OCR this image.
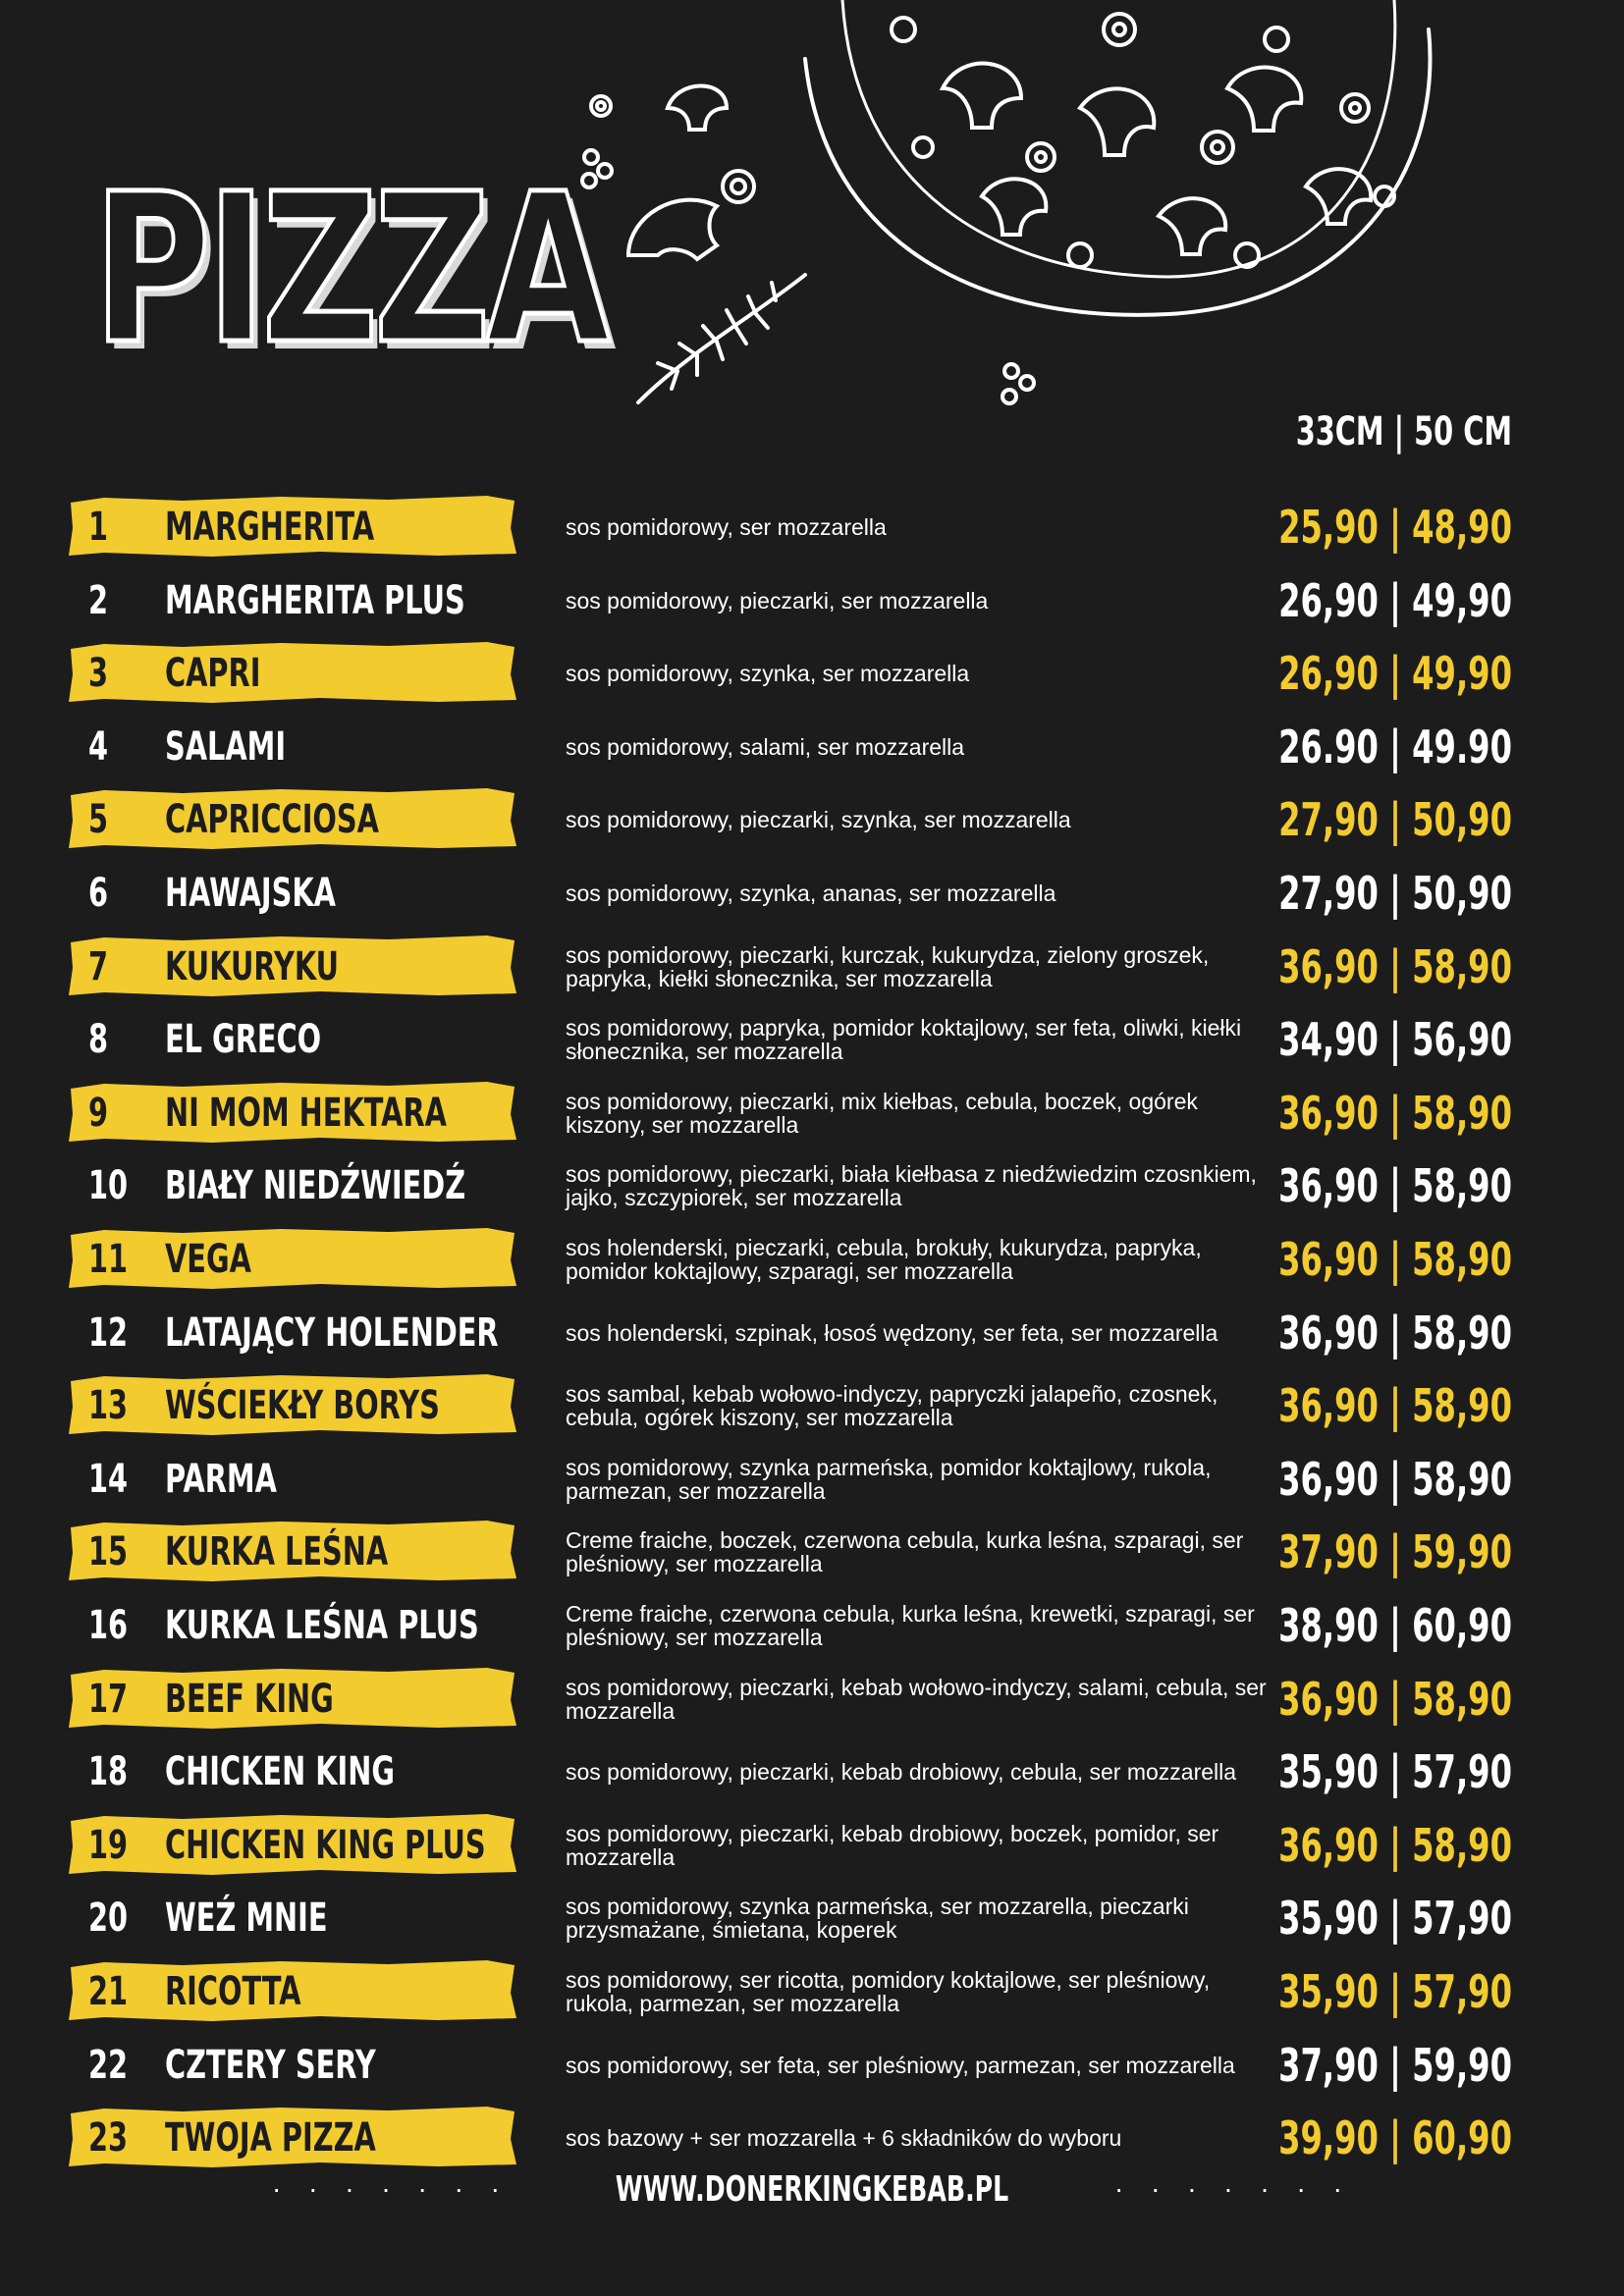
PIZZA
33CM | 50 CM
1	MARGHERITA	sos pomidorowy, ser mozzarella	25,90 | 48,90
2	MARGHERITA PLUS	sos pomidorowy, pieczarki, ser mozzarella	26,90 | 49,90
3	CAPRI	sos pomidorowy, szynka, ser mozzarella	26,90 | 49,90
4	SALAMI	sos pomidorowy, salami, ser mozzarella	26.90 | 49.90
5	CAPRICCIOSA	sos pomidorowy, pieczarki, szynka, ser mozzarella	27,90 | 50,90
6	HAWAJSKA	sos pomidorowy, szynka, ananas, ser mozzarella	27,90 | 50,90
7	KUKURYKU	sos pomidorowy, pieczarki, kurczak, kukurydza, zielony groszek, papryka, kiełki słonecznika, ser mozzarella	36,90 | 58,90
8	EL GRECO	sos pomidorowy, papryka, pomidor koktajlowy, ser feta, oliwki, kiełki słonecznika, ser mozzarella	34,90 | 56,90
9	NI MOM HEKTARA	sos pomidorowy, pieczarki, mix kiełbas, cebula, boczek, ogórek kiszony, ser mozzarella	36,90 | 58,90
10 BIAŁY NIEDŹWIEDŹ	sos pomidorowy, pieczarki, biała kiełbasa z niedźwiedzim czosnkiem, jajko, szczypiorek, ser mozzarella	36,90 | 58,90
11 VEGA	sos holenderski, pieczarki, cebula, brokuły, kukurydza, papryka, pomidor koktajlowy, szparagi, ser mozzarella	36,90 | 58,90
12 LATAJĄCY HOLENDER	sos holenderski, szpinak, łosoś wędzony, ser feta, ser mozzarella	36,90 | 58,90
13 WŚCIEKŁY BORYS	sos sambal, kebab wołowo-indyczy, papryczki jalapeño, czosnek, cebula, ogórek kiszony, ser mozzarella	36,90 | 58,90
14 PARMA	sos pomidorowy, szynka parmeńska, pomidor koktajlowy, rukola, parmezan, ser mozzarella	36,90 | 58,90
15 KURKA LEŚNA	Creme fraiche, boczek, czerwona cebula, kurka leśna, szparagi, ser pleśniowy, ser mozzarella	37,90 | 59,90
16 KURKA LEŚNA PLUS	Creme fraiche, czerwona cebula, kurka leśna, krewetki, szparagi, ser pleśniowy, ser mozzarella	38,90 | 60,90
17 BEEF KING	sos pomidorowy, pieczarki, kebab wołowo-indyczy, salami, cebula, ser mozzarella	36,90 | 58,90
18 CHICKEN KING	sos pomidorowy, pieczarki, kebab drobiowy, cebula, ser mozzarella 35,90 | 57,90
19 CHICKEN KING PLUS	sos pomidorowy, pieczarki, kebab drobiowy, boczek, pomidor, ser mozzarella	36,90 | 58,90
20 WEŹ MNIE	sos pomidorowy, szynka parmeńska, ser mozzarella, pieczarki przysmażane, śmietana, koperek	35,90 | 57,90
21 RICOTTA	sos pomidorowy, ser ricotta, pomidory koktajlowe, ser pleśniowy, rukola, parmezan, ser mozzarella	35,90 | 57,90
22 CZTERY SERY	sos pomidorowy, ser feta, ser pleśniowy, parmezan, ser mozzarella 37,90 | 59,90
23 TWOJA PIZZA	sos bazowy + ser mozzarella + 6 składników do wyboru	39,90 | 60,90
· · · · · · ·	WWW.DONERKINGKEBAB.PL	· · · · · · ·
